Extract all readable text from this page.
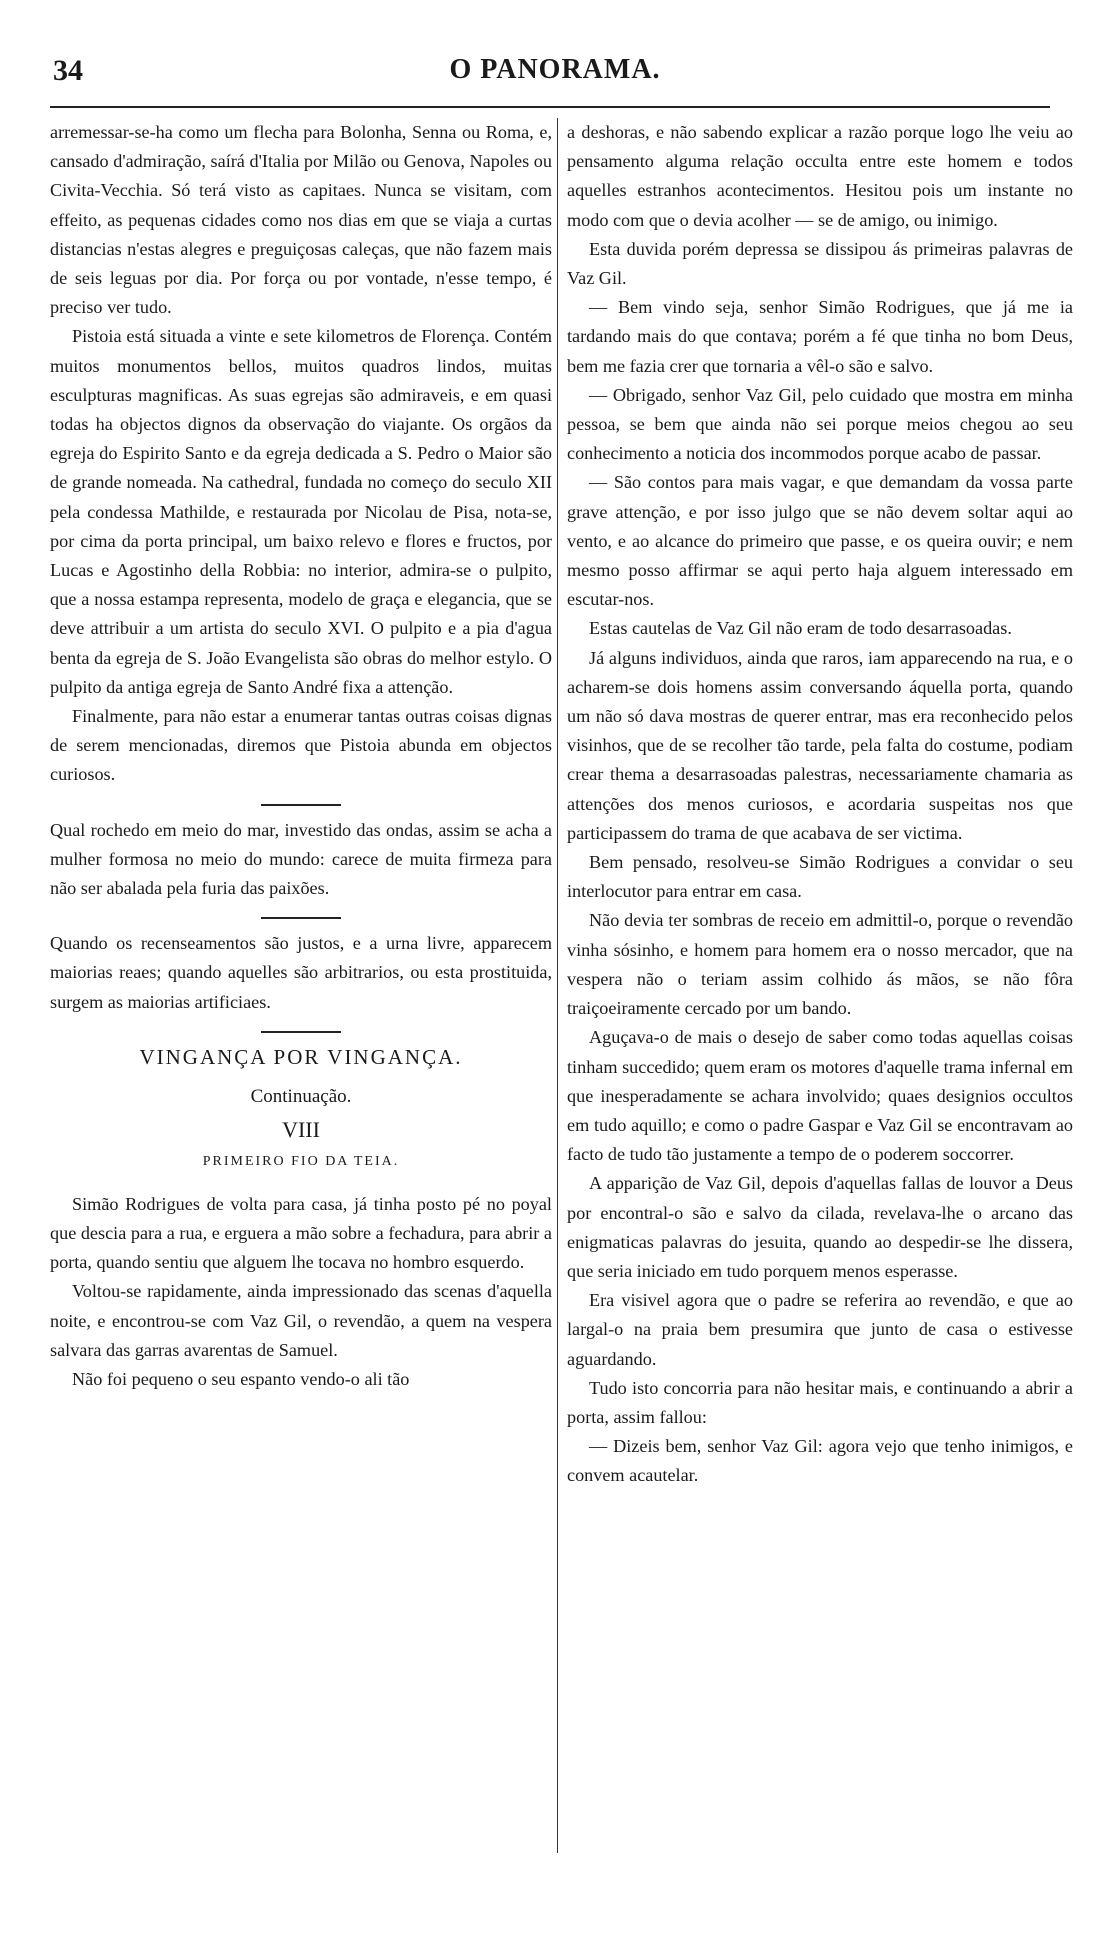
34	O PANORAMA.

arremessar-se-ha como um flecha para Bolonha, Senna ou Roma, e, cansado d'admiração, saírá d'Italia por Milão ou Genova, Napoles ou Civita-Vecchia. Só terá visto as capitaes. Nunca se visitam, com effeito, as pequenas cidades como nos dias em que se viaja a curtas distancias n'estas alegres e preguiçosas caleças, que não fazem mais de seis leguas por dia. Por força ou por vontade, n'esse tempo, é preciso ver tudo.

Pistoia está situada a vinte e sete kilometros de Florença. Contém muitos monumentos bellos, muitos quadros lindos, muitas esculpturas magnificas. As suas egrejas são admiraveis, e em quasi todas ha objectos dignos da observação do viajante. Os orgãos da egreja do Espirito Santo e da egreja dedicada a S. Pedro o Maior são de grande nomeada. Na cathedral, fundada no começo do seculo XII pela condessa Mathilde, e restaurada por Nicolau de Pisa, nota-se, por cima da porta principal, um baixo relevo e flores e fructos, por Lucas e Agostinho della Robbia: no interior, admira-se o pulpito, que a nossa estampa representa, modelo de graça e elegancia, que se deve attribuir a um artista do seculo XVI. O pulpito e a pia d'agua benta da egreja de S. João Evangelista são obras do melhor estylo. O pulpito da antiga egreja de Santo André fixa a attenção.

Finalmente, para não estar a enumerar tantas outras coisas dignas de serem mencionadas, diremos que Pistoia abunda em objectos curiosos.

Qual rochedo em meio do mar, investido das ondas, assim se acha a mulher formosa no meio do mundo: carece de muita firmeza para não ser abalada pela furia das paixões.

Quando os recenseamentos são justos, e a urna livre, apparecem maiorias reaes; quando aquelles são arbitrarios, ou esta prostituida, surgem as maiorias artificiaes.

VINGANÇA POR VINGANÇA.
Continuação.
VIII
PRIMEIRO FIO DA TEIA.

Simão Rodrigues de volta para casa, já tinha posto pé no poyal que descia para a rua, e erguera a mão sobre a fechadura, para abrir a porta, quando sentiu que alguem lhe tocava no hombro esquerdo.

Voltou-se rapidamente, ainda impressionado das scenas d'aquella noite, e encontrou-se com Vaz Gil, o revendão, a quem na vespera salvara das garras avarentas de Samuel.

Não foi pequeno o seu espanto vendo-o ali tão

a deshoras, e não sabendo explicar a razão porque logo lhe veiu ao pensamento alguma relação occulta entre este homem e todos aquelles estranhos acontecimentos. Hesitou pois um instante no modo com que o devia acolher — se de amigo, ou inimigo.

Esta duvida porém depressa se dissipou ás primeiras palavras de Vaz Gil.

— Bem vindo seja, senhor Simão Rodrigues, que já me ia tardando mais do que contava; porém a fé que tinha no bom Deus, bem me fazia crer que tornaria a vêl-o são e salvo.

— Obrigado, senhor Vaz Gil, pelo cuidado que mostra em minha pessoa, se bem que ainda não sei porque meios chegou ao seu conhecimento a noticia dos incommodos porque acabo de passar.

— São contos para mais vagar, e que demandam da vossa parte grave attenção, e por isso julgo que se não devem soltar aqui ao vento, e ao alcance do primeiro que passe, e os queira ouvir; e nem mesmo posso affirmar se aqui perto haja alguem interessado em escutar-nos.

Estas cautelas de Vaz Gil não eram de todo desarrasoadas.

Já alguns individuos, ainda que raros, iam apparecendo na rua, e o acharem-se dois homens assim conversando áquella porta, quando um não só dava mostras de querer entrar, mas era reconhecido pelos visinhos, que de se recolher tão tarde, pela falta do costume, podiam crear thema a desarrasoadas palestras, necessariamente chamaria as attenções dos menos curiosos, e acordaria suspeitas nos que participassem do trama de que acabava de ser victima.

Bem pensado, resolveu-se Simão Rodrigues a convidar o seu interlocutor para entrar em casa.

Não devia ter sombras de receio em admittil-o, porque o revendão vinha sósinho, e homem para homem era o nosso mercador, que na vespera não o teriam assim colhido ás mãos, se não fôra traiçoeiramente cercado por um bando.

Aguçava-o de mais o desejo de saber como todas aquellas coisas tinham succedido; quem eram os motores d'aquelle trama infernal em que inesperadamente se achara involvido; quaes designios occultos em tudo aquillo; e como o padre Gaspar e Vaz Gil se encontravam ao facto de tudo tão justamente a tempo de o poderem soccorrer.

A apparição de Vaz Gil, depois d'aquellas fallas de louvor a Deus por encontral-o são e salvo da cilada, revelava-lhe o arcano das enigmaticas palavras do jesuita, quando ao despedir-se lhe dissera, que seria iniciado em tudo porquem menos esperasse.

Era visivel agora que o padre se referira ao revendão, e que ao largal-o na praia bem presumira que junto de casa o estivesse aguardando.

Tudo isto concorria para não hesitar mais, e continuando a abrir a porta, assim fallou:

— Dizeis bem, senhor Vaz Gil: agora vejo que tenho inimigos, e convem acautelar.
